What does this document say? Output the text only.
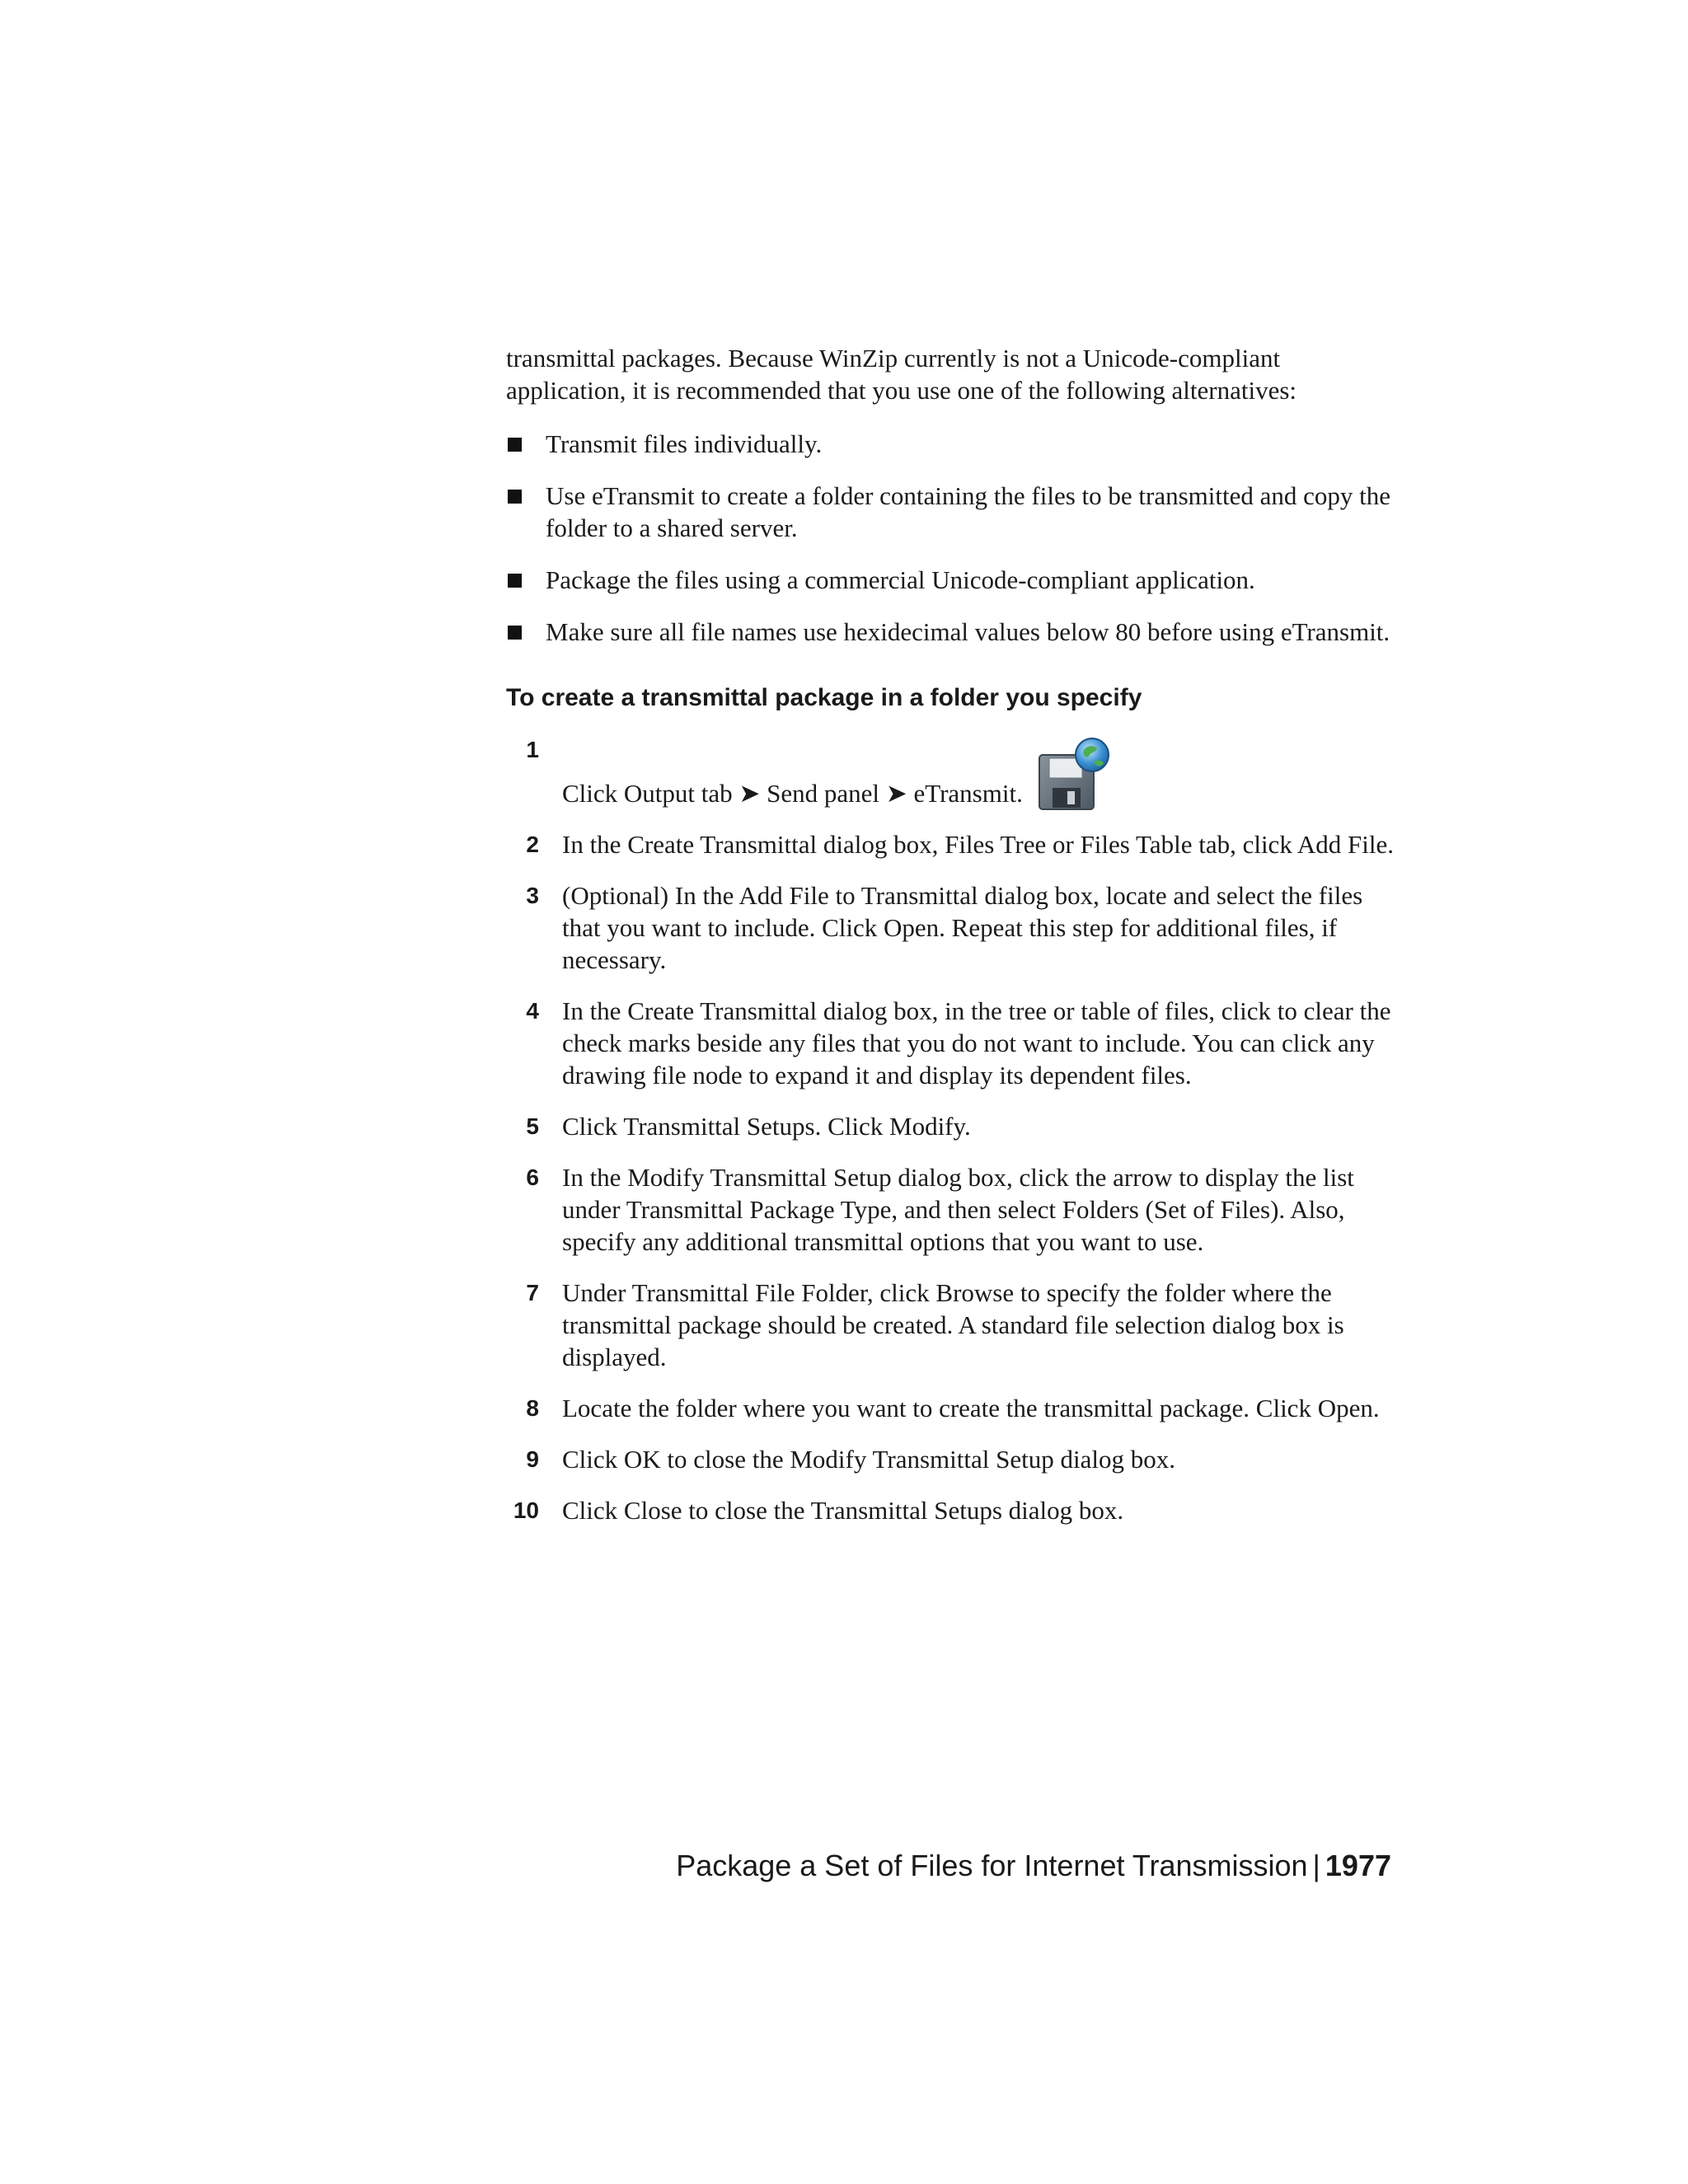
transmittal packages. Because WinZip currently is not a Unicode-compliant
application, it is recommended that you use one of the following alternatives:

Transmit files individually.
Use eTransmit to create a folder containing the files to be transmitted and copy the folder to a shared server.
Package the files using a commercial Unicode-compliant application.
Make sure all file names use hexidecimal values below 80 before using eTransmit.
To create a transmittal package in a folder you specify
1
Click Output tab ➤ Send panel ➤ eTransmit.
2 In the Create Transmittal dialog box, Files Tree or Files Table tab, click Add File.
3 (Optional) In the Add File to Transmittal dialog box, locate and select the files that you want to include. Click Open. Repeat this step for additional files, if necessary.
4 In the Create Transmittal dialog box, in the tree or table of files, click to clear the check marks beside any files that you do not want to include. You can click any drawing file node to expand it and display its dependent files.
5 Click Transmittal Setups. Click Modify.
6 In the Modify Transmittal Setup dialog box, click the arrow to display the list under Transmittal Package Type, and then select Folders (Set of Files). Also, specify any additional transmittal options that you want to use.
7 Under Transmittal File Folder, click Browse to specify the folder where the transmittal package should be created. A standard file selection dialog box is displayed.
8 Locate the folder where you want to create the transmittal package. Click Open.
9 Click OK to close the Modify Transmittal Setup dialog box.
10 Click Close to close the Transmittal Setups dialog box.
Package a Set of Files for Internet Transmission | 1977
